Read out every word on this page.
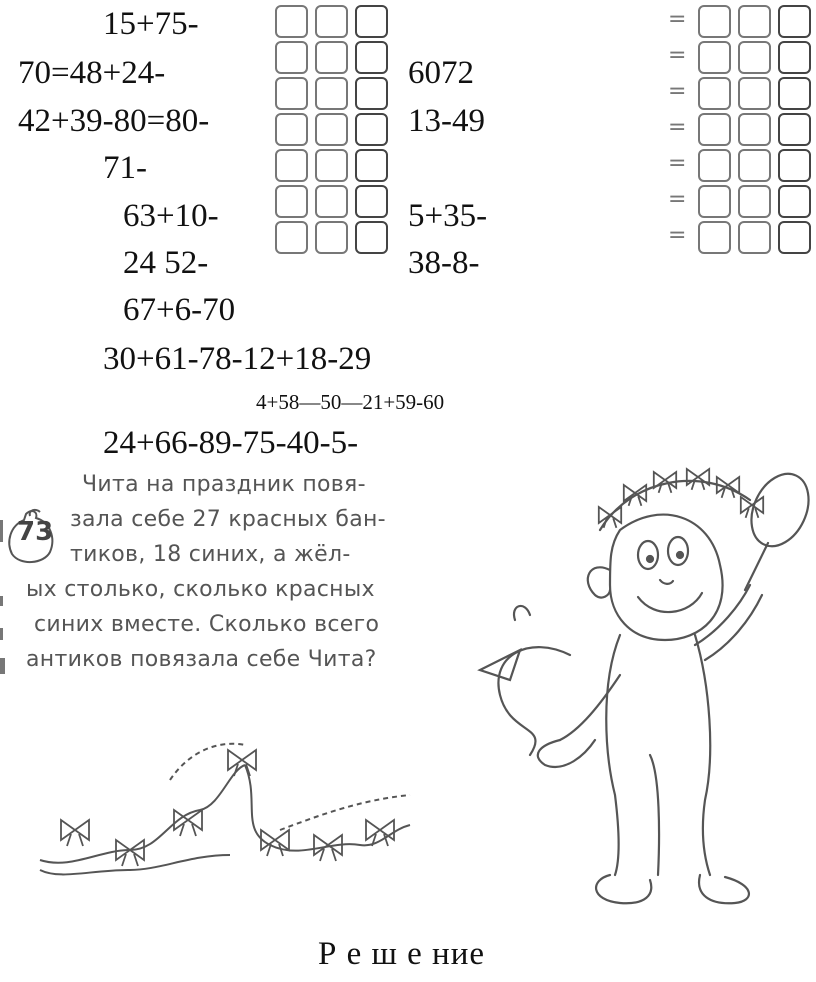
15+75-
70=48+24-
42+39-80=80-
71-
63+10-
24 52-
67+6-70
6072
13-49
5+35-
38-8-
30+61-78-12+18-29
4+58—50—21+59-60
24+66-89-75-40-5-
=
=
=
=
=
=
=
73
Чита на праздник повя-
зала себе 27 красных бан-
тиков, 18 синих, а жёл-
ых столько, сколько красных
синих вместе. Сколько всего
антиков повязала себе Чита?
Р е ш е ние
